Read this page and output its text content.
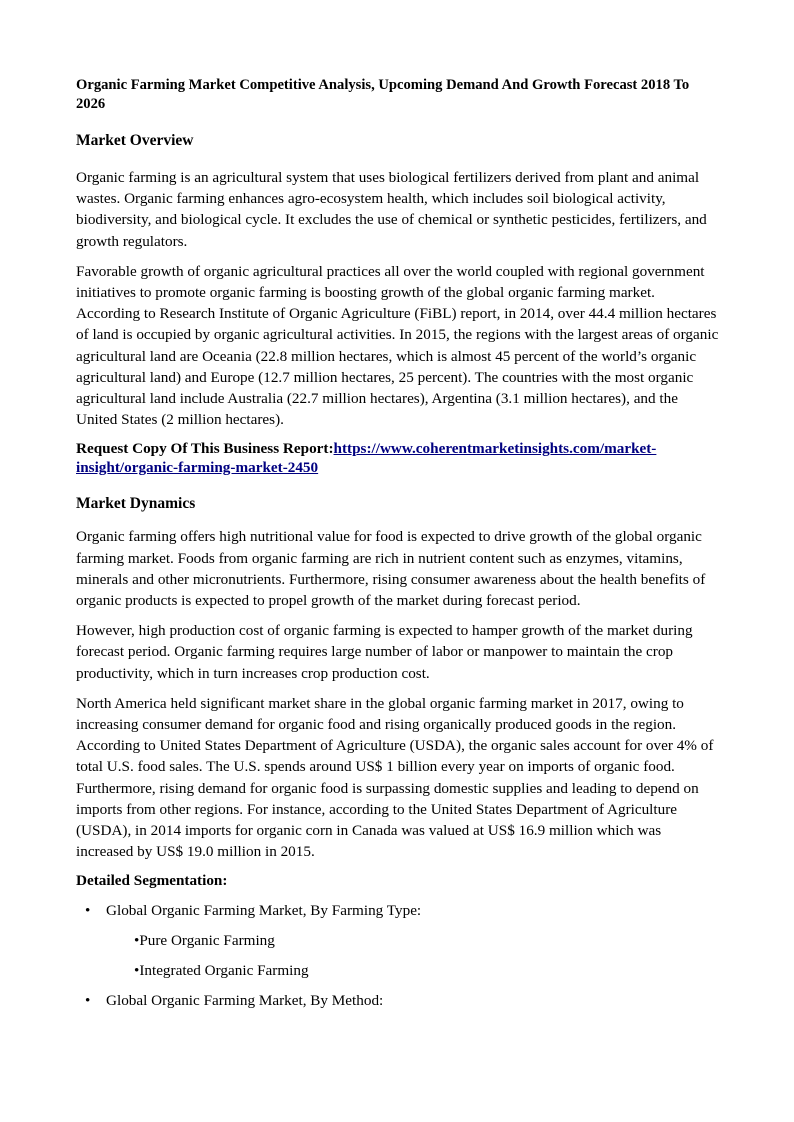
Organic Farming Market Competitive Analysis, Upcoming Demand And Growth Forecast 2018 To 2026
Market Overview

Organic farming is an agricultural system that uses biological fertilizers derived from plant and animal wastes. Organic farming enhances agro-ecosystem health, which includes soil biological activity, biodiversity, and biological cycle. It excludes the use of chemical or synthetic pesticides, fertilizers, and growth regulators.

Favorable growth of organic agricultural practices all over the world coupled with regional government initiatives to promote organic farming is boosting growth of the global organic farming market. According to Research Institute of Organic Agriculture (FiBL) report, in 2014, over 44.4 million hectares of land is occupied by organic agricultural activities. In 2015, the regions with the largest areas of organic agricultural land are Oceania (22.8 million hectares, which is almost 45 percent of the world’s organic agricultural land) and Europe (12.7 million hectares, 25 percent). The countries with the most organic agricultural land include Australia (22.7 million hectares), Argentina (3.1 million hectares), and the United States (2 million hectares).

Request Copy Of This Business Report:https://www.coherentmarketinsights.com/market-insight/organic-farming-market-2450
Market Dynamics

Organic farming offers high nutritional value for food is expected to drive growth of the global organic farming market. Foods from organic farming are rich in nutrient content such as enzymes, vitamins, minerals and other micronutrients. Furthermore, rising consumer awareness about the health benefits of organic products is expected to propel growth of the market during forecast period.

However, high production cost of organic farming is expected to hamper growth of the market during forecast period. Organic farming requires large number of labor or manpower to maintain the crop productivity, which in turn increases crop production cost.

North America held significant market share in the global organic farming market in 2017, owing to increasing consumer demand for organic food and rising organically produced goods in the region. According to United States Department of Agriculture (USDA), the organic sales account for over 4% of total U.S. food sales. The U.S. spends around US$ 1 billion every year on imports of organic food. Furthermore, rising demand for organic food is surpassing domestic supplies and leading to depend on imports from other regions. For instance, according to the United States Department of Agriculture (USDA), in 2014 imports for organic corn in Canada was valued at US$ 16.9 million which was increased by US$ 19.0 million in 2015.

Detailed Segmentation:
• Global Organic Farming Market, By Farming Type:
•Pure Organic Farming
•Integrated Organic Farming
• Global Organic Farming Market, By Method:
